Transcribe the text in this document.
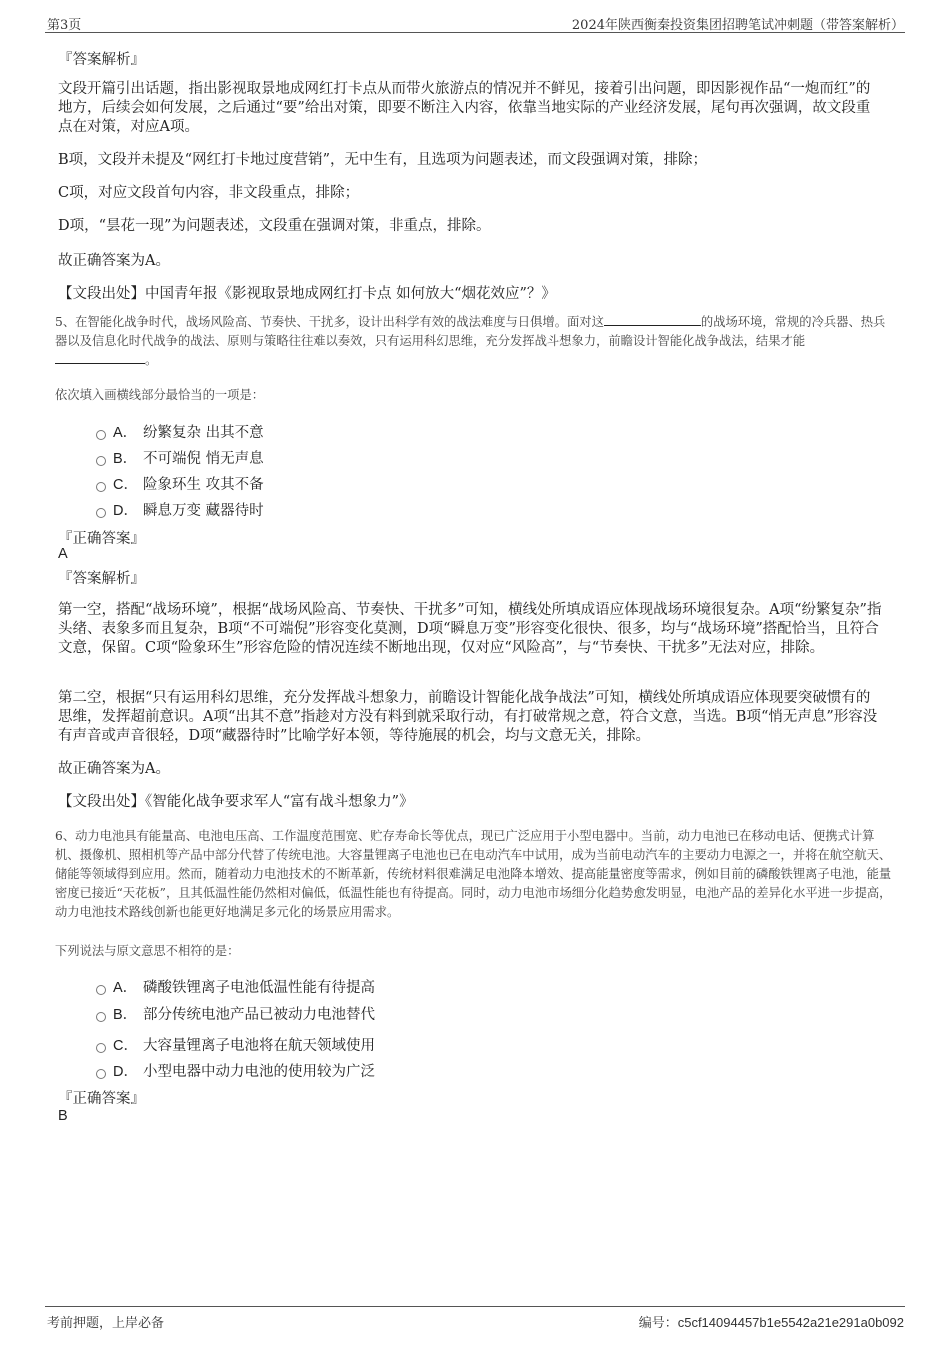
第3页	2024年陕西衡秦投资集团招聘笔试冲刺题（带答案解析）
『答案解析』
文段开篇引出话题，指出影视取景地成网红打卡点从而带火旅游点的情况并不鲜见，接着引出问题，即因影视作品“一炮而红”的地方，后续会如何发展，之后通过“要”给出对策，即要不断注入内容，依靠当地实际的产业经济发展，尾句再次强调，故文段重点在对策，对应A项。
B项，文段并未提及“网红打卡地过度营销”，无中生有，且选项为问题表述，而文段强调对策，排除；
C项，对应文段首句内容，非文段重点，排除；
D项，“昙花一现”为问题表述，文段重在强调对策，非重点，排除。
故正确答案为A。
【文段出处】中国青年报《影视取景地成网红打卡点 如何放大“烟花效应”？》
5、在智能化战争时代，战场风险高、节奏快、干扰多，设计出科学有效的战法难度与日俱增。面对这	的战场环境，常规的冷兵器、热兵器以及信息化时代战争的战法、原则与策略往往难以奏效，只有运用科幻思维，充分发挥战斗想象力，前瞻设计智能化战争战法，结果才能。
依次填入画横线部分最恰当的一项是：
A． 纷繁复杂 出其不意
B． 不可端倪 悄无声息
C． 险象环生 攻其不备
D． 瞬息万变 藏器待时
『正确答案』
A
『答案解析』
第一空，搭配“战场环境”，根据“战场风险高、节奏快、干扰多”可知，横线处所填成语应体现战场环境很复杂。A项“纷繁复杂”指头绪、表象多而且复杂，B项“不可端倪”形容变化莫测，D项“瞬息万变”形容变化很快、很多，均与“战场环境”搭配恰当，且符合文意，保留。C项“险象环生”形容危险的情况连续不断地出现，仅对应“风险高”，与“节奏快、干扰多”无法对应，排除。
第二空，根据“只有运用科幻思维，充分发挥战斗想象力，前瞻设计智能化战争战法”可知，横线处所填成语应体现要突破惯有的思维，发挥超前意识。A项“出其不意”指趁对方没有料到就采取行动，有打破常规之意，符合文意，当选。B项“悄无声息”形容没有声音或声音很轻，D项“藏器待时”比喻学好本领，等待施展的机会，均与文意无关，排除。
故正确答案为A。
【文段出处】《智能化战争要求军人“富有战斗想象力”》
6、动力电池具有能量高、电池电压高、工作温度范围宽、贮存寿命长等优点，现已广泛应用于小型电器中。当前，动力电池已在移动电话、便携式计算机、摄像机、照相机等产品中部分代替了传统电池。大容量锂离子电池也已在电动汽车中试用，成为当前电动汽车的主要动力电源之一，并将在航空航天、储能等领域得到应用。然而，随着动力电池技术的不断革新，传统材料很难满足电池降本增效、提高能量密度等需求，例如目前的磷酸铁锂离子电池，能量密度已接近“天花板”，且其低温性能仍然相对偏低，低温性能也有待提高。同时，动力电池市场细分化趋势愈发明显，电池产品的差异化水平进一步提高，动力电池技术路线创新也能更好地满足多元化的场景应用需求。
下列说法与原文意思不相符的是：
A． 磷酸铁锂离子电池低温性能有待提高
B． 部分传统电池产品已被动力电池替代
C． 大容量锂离子电池将在航天领域使用
D． 小型电器中动力电池的使用较为广泛
『正确答案』
B
考前押题，上岸必备	编号：c5cf14094457b1e5542a21e291a0b092
